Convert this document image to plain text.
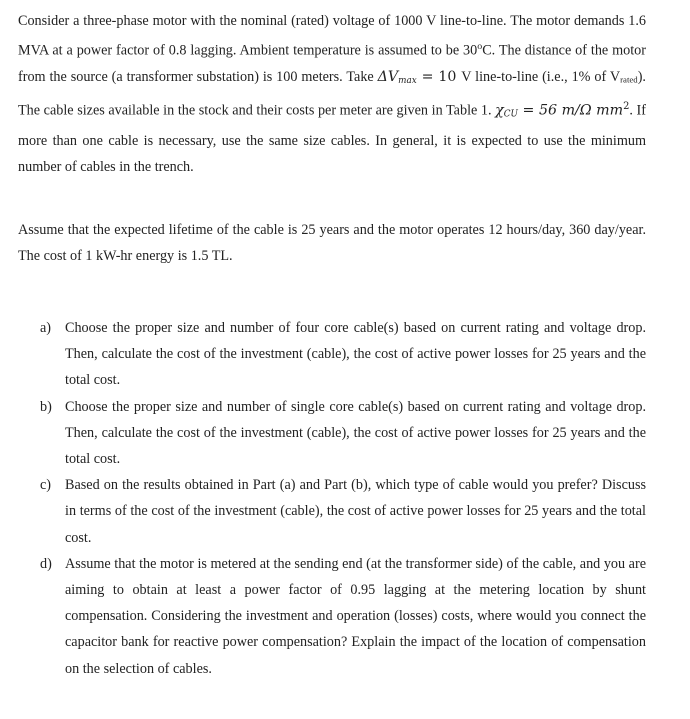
Consider a three-phase motor with the nominal (rated) voltage of 1000 V line-to-line. The motor demands 1.6 MVA at a power factor of 0.8 lagging. Ambient temperature is assumed to be 30$^o$C. The distance of the motor from the source (a transformer substation) is 100 meters. Take $\Delta V_{max} = 10$ V line-to-line (i.e., 1% of Vrated). The cable sizes available in the stock and their costs per meter are given in Table 1. $\chi_{CU} = 56$ m/Ω $mm^2$. If more than one cable is necessary, use the same size cables. In general, it is expected to use the minimum number of cables in the trench.

Assume that the expected lifetime of the cable is 25 years and the motor operates 12 hours/day, 360 day/year. The cost of 1 kW-hr energy is 1.5 TL.

a) Choose the proper size and number of four core cable(s) based on current rating and voltage drop. Then, calculate the cost of the investment (cable), the cost of active power losses for 25 years and the total cost.
b) Choose the proper size and number of single core cable(s) based on current rating and voltage drop. Then, calculate the cost of the investment (cable), the cost of active power losses for 25 years and the total cost.
c) Based on the results obtained in Part (a) and Part (b), which type of cable would you prefer? Discuss in terms of the cost of the investment (cable), the cost of active power losses for 25 years and the total cost.
d) Assume that the motor is metered at the sending end (at the transformer side) of the cable, and you are aiming to obtain at least a power factor of 0.95 lagging at the metering location by shunt compensation. Considering the investment and operation (losses) costs, where would you connect the capacitor bank for reactive power compensation? Explain the impact of the location of compensation on the selection of cables.
